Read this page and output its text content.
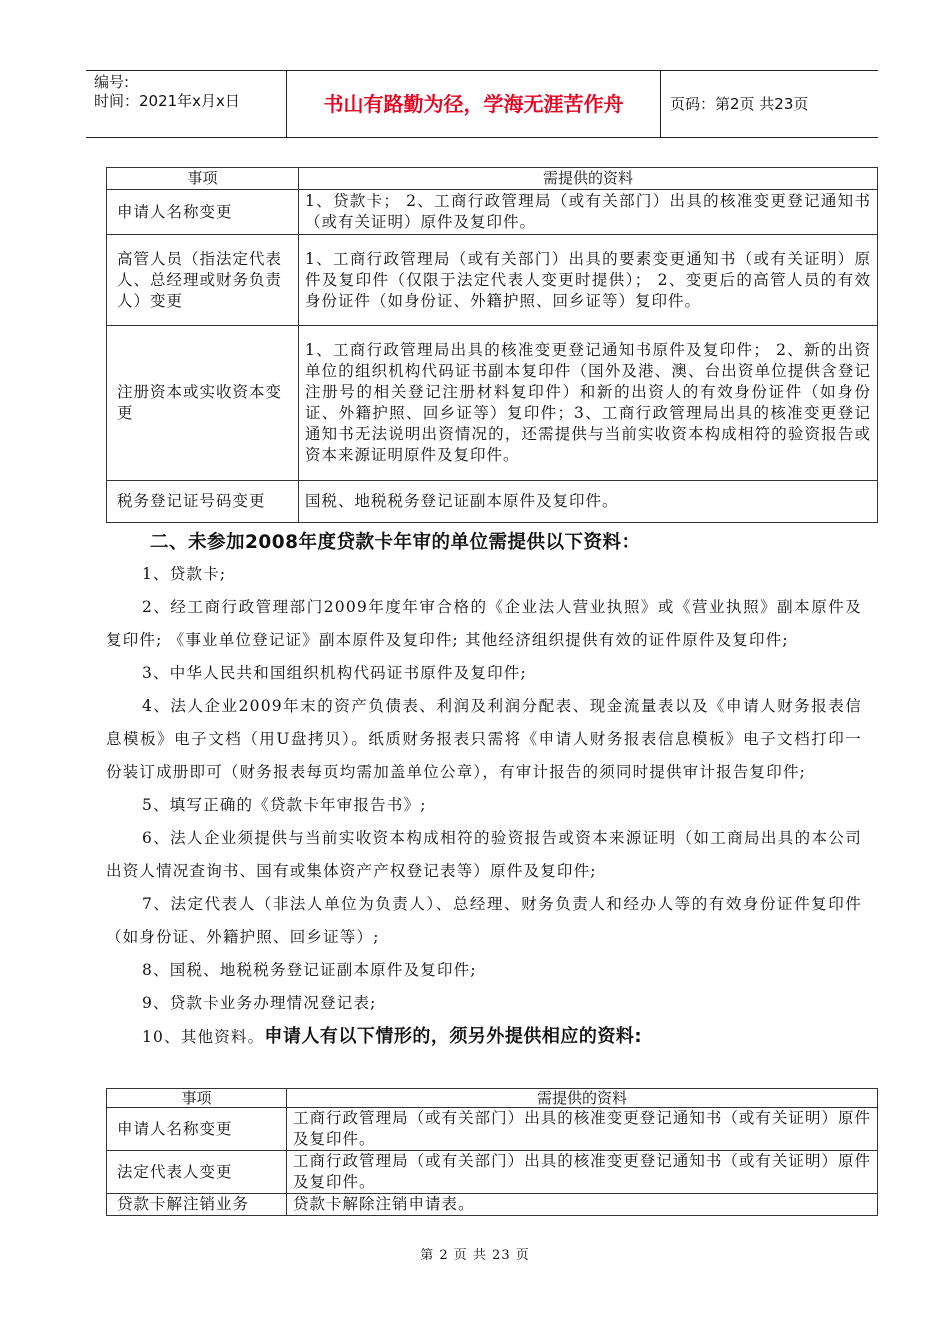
编号:
时间：2021年x月x日	书山有路勤为径，学海无涯苦作舟	页码：第2页 共23页
事项	需提供的资料
申请人名称变更	1、贷款卡； 2、工商行政管理局（或有关部门）出具的核准变更登记通知书（或有关证明）原件及复印件。
高管人员（指法定代表人、总经理或财务负责人）变更	1、工商行政管理局（或有关部门）出具的要素变更通知书（或有关证明）原件及复印件（仅限于法定代表人变更时提供）； 2、变更后的高管人员的有效身份证件（如身份证、外籍护照、回乡证等）复印件。
注册资本或实收资本变更	1、工商行政管理局出具的核准变更登记通知书原件及复印件； 2、新的出资单位的组织机构代码证书副本复印件（国外及港、澳、台出资单位提供含登记注册号的相关登记注册材料复印件）和新的出资人的有效身份证件（如身份证、外籍护照、回乡证等）复印件；3、工商行政管理局出具的核准变更登记通知书无法说明出资情况的，还需提供与当前实收资本构成相符的验资报告或资本来源证明原件及复印件。
税务登记证号码变更	国税、地税税务登记证副本原件及复印件。
二、未参加2008年度贷款卡年审的单位需提供以下资料：

1、贷款卡;

2、经工商行政管理部门2009年度年审合格的《企业法人营业执照》或《营业执照》副本原件及复印件; 《事业单位登记证》副本原件及复印件; 其他经济组织提供有效的证件原件及复印件;

3、中华人民共和国组织机构代码证书原件及复印件;

4、法人企业2009年末的资产负债表、利润及利润分配表、现金流量表以及《申请人财务报表信息模板》电子文档（用U盘拷贝）。纸质财务报表只需将《申请人财务报表信息模板》电子文档打印一份装订成册即可（财务报表每页均需加盖单位公章），有审计报告的须同时提供审计报告复印件;

5、填写正确的《贷款卡年审报告书》;

6、法人企业须提供与当前实收资本构成相符的验资报告或资本来源证明（如工商局出具的本公司出资人情况查询书、国有或集体资产产权登记表等）原件及复印件;

7、法定代表人（非法人单位为负责人）、总经理、财务负责人和经办人等的有效身份证件复印件（如身份证、外籍护照、回乡证等）;

8、国税、地税税务登记证副本原件及复印件;

9、贷款卡业务办理情况登记表;

10、其他资料。申请人有以下情形的，须另外提供相应的资料:

事项	需提供的资料
申请人名称变更	工商行政管理局（或有关部门）出具的核准变更登记通知书（或有关证明）原件及复印件。
法定代表人变更	工商行政管理局（或有关部门）出具的核准变更登记通知书（或有关证明）原件及复印件。
贷款卡解注销业务	贷款卡解除注销申请表。
第 2 页 共 23 页
